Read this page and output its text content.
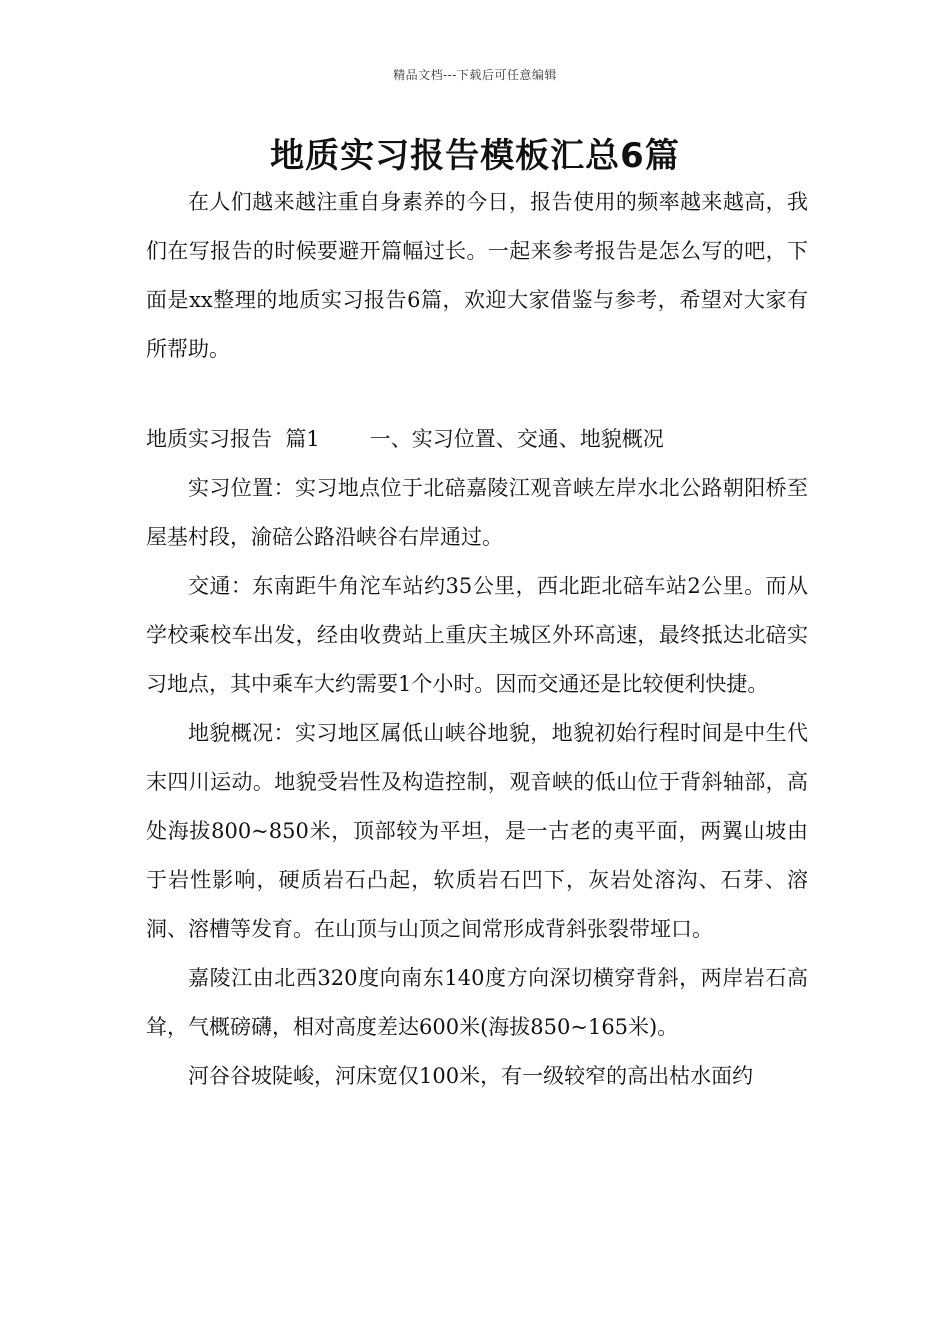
精品文档---下载后可任意编辑
地质实习报告模板汇总6篇

在人们越来越注重自身素养的今日，报告使用的频率越来越高，我们在写报告的时候要避开篇幅过长。一起来参考报告是怎么写的吧，下面是xx整理的地质实习报告6篇，欢迎大家借鉴与参考，希望对大家有所帮助。

地质实习报告  篇1 一、实习位置、交通、地貌概况

实习位置：实习地点位于北碚嘉陵江观音峡左岸水北公路朝阳桥至屋基村段，渝碚公路沿峡谷右岸通过。

交通：东南距牛角沱车站约35公里，西北距北碚车站2公里。而从学校乘校车出发，经由收费站上重庆主城区外环高速，最终抵达北碚实习地点，其中乘车大约需要1个小时。因而交通还是比较便利快捷。

地貌概况：实习地区属低山峡谷地貌，地貌初始行程时间是中生代末四川运动。地貌受岩性及构造控制，观音峡的低山位于背斜轴部，高处海拔800~850米，顶部较为平坦，是一古老的夷平面，两翼山坡由于岩性影响，硬质岩石凸起，软质岩石凹下，灰岩处溶沟、石芽、溶洞、溶槽等发育。在山顶与山顶之间常形成背斜张裂带垭口。

嘉陵江由北西320度向南东140度方向深切横穿背斜，两岸岩石高耸，气概磅礴，相对高度差达600米(海拔850~165米)。

河谷谷坡陡峻，河床宽仅100米，有一级较窄的高出枯水面约
